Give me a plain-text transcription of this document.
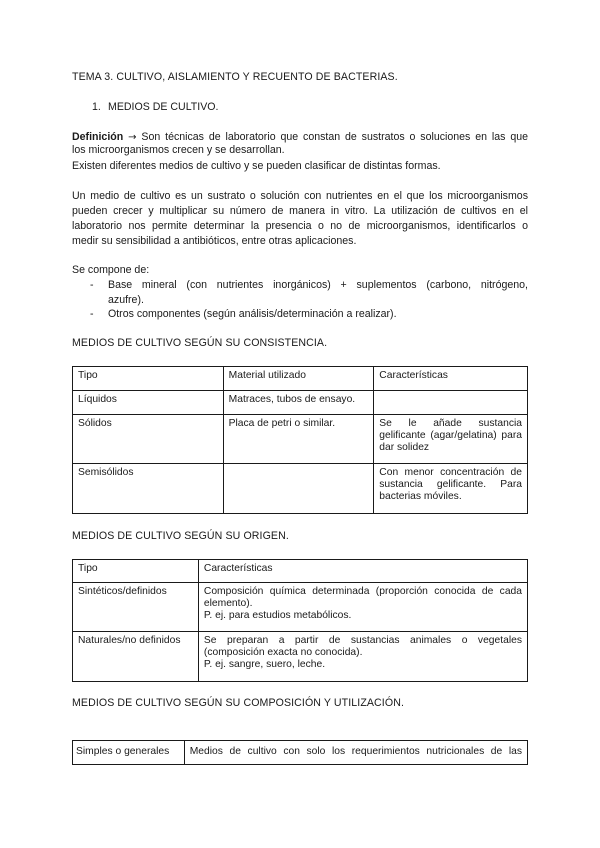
TEMA 3. CULTIVO, AISLAMIENTO Y RECUENTO DE BACTERIAS.
1. MEDIOS DE CULTIVO.
Definición → Son técnicas de laboratorio que constan de sustratos o soluciones en las que
los microorganismos crecen y se desarrollan.
Existen diferentes medios de cultivo y se pueden clasificar de distintas formas.
Un medio de cultivo es un sustrato o solución con nutrientes en el que los microorganismos
pueden crecer y multiplicar su número de manera in vitro. La utilización de cultivos en el
laboratorio nos permite determinar la presencia o no de microorganismos, identificarlos o
medir su sensibilidad a antibióticos, entre otras aplicaciones.
Se compone de:
- Base mineral (con nutrientes inorgánicos) + suplementos (carbono, nitrógeno,
azufre).
- Otros componentes (según análisis/determinación a realizar).
MEDIOS DE CULTIVO SEGÚN SU CONSISTENCIA.
Tipo	Material utilizado	Características
Líquidos	Matraces, tubos de ensayo.	
Sólidos	Placa de petri o similar.	Se le añade sustancia gelificante (agar/gelatina) para dar solidez
Semisólidos		Con menor concentración de sustancia gelificante. Para bacterias móviles.
MEDIOS DE CULTIVO SEGÚN SU ORIGEN.
Tipo	Características
Sintéticos/definidos	Composición química determinada (proporción conocida de cada elemento).
P. ej. para estudios metabólicos.

Naturales/no definidos	Se preparan a partir de sustancias animales o vegetales (composición exacta no conocida).
P. ej. sangre, suero, leche.
MEDIOS DE CULTIVO SEGÚN SU COMPOSICIÓN Y UTILIZACIÓN.
Simples o generales	Medios de cultivo con solo los requerimientos nutricionales de las
